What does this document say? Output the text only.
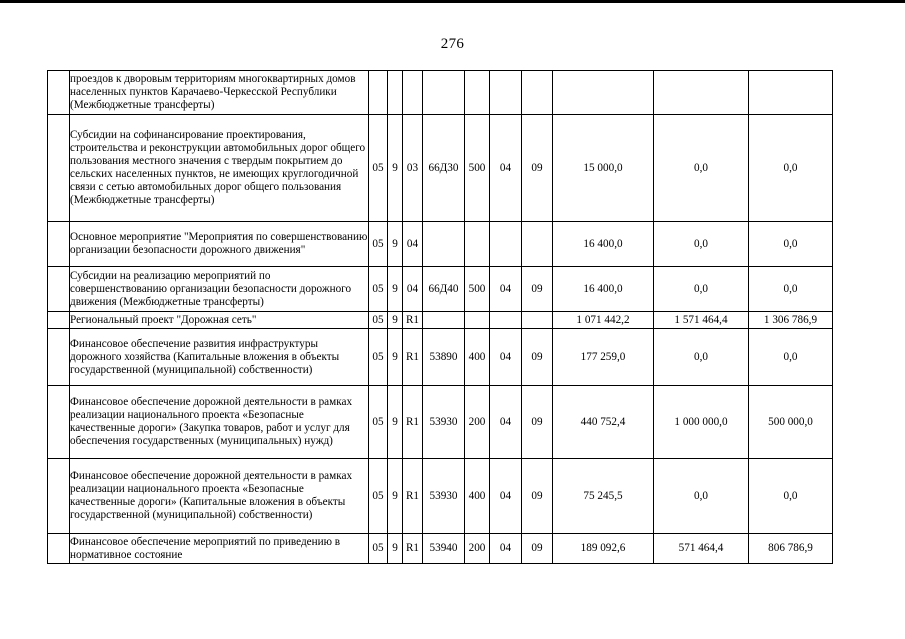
276
	проездов к дворовым территориям многоквартирных домов населенных пунктов Карачаево-Черкесской Республики (Межбюджетные трансферты)										
	Субсидии на софинансирование проектирования, строительства и реконструкции автомобильных дорог общего пользования местного значения с твердым покрытием до сельских населенных пунктов, не имеющих круглогодичной связи с сетью автомобильных дорог общего пользования (Межбюджетные трансферты)	05	9	03	66Д30	500	04	09	15 000,0	0,0	0,0
	Основное мероприятие "Мероприятия по совершенствованию организации безопасности дорожного движения"	05	9	04					16 400,0	0,0	0,0
	Субсидии на реализацию мероприятий по совершенствованию организации безопасности дорожного движения (Межбюджетные трансферты)	05	9	04	66Д40	500	04	09	16 400,0	0,0	0,0
	Региональный проект "Дорожная сеть"	05	9	R1					1 071 442,2	1 571 464,4	1 306 786,9
	Финансовое обеспечение развития инфраструктуры дорожного хозяйства (Капитальные вложения в объекты государственной (муниципальной) собственности)	05	9	R1	53890	400	04	09	177 259,0	0,0	0,0
	Финансовое обеспечение дорожной деятельности в рамках реализации национального проекта «Безопасные качественные дороги» (Закупка товаров, работ и услуг для обеспечения государственных (муниципальных) нужд)	05	9	R1	53930	200	04	09	440 752,4	1 000 000,0	500 000,0
	Финансовое обеспечение дорожной деятельности в рамках реализации национального проекта «Безопасные качественные дороги» (Капитальные вложения в объекты государственной (муниципальной) собственности)	05	9	R1	53930	400	04	09	75 245,5	0,0	0,0
	Финансовое обеспечение мероприятий по приведению в нормативное состояние	05	9	R1	53940	200	04	09	189 092,6	571 464,4	806 786,9
